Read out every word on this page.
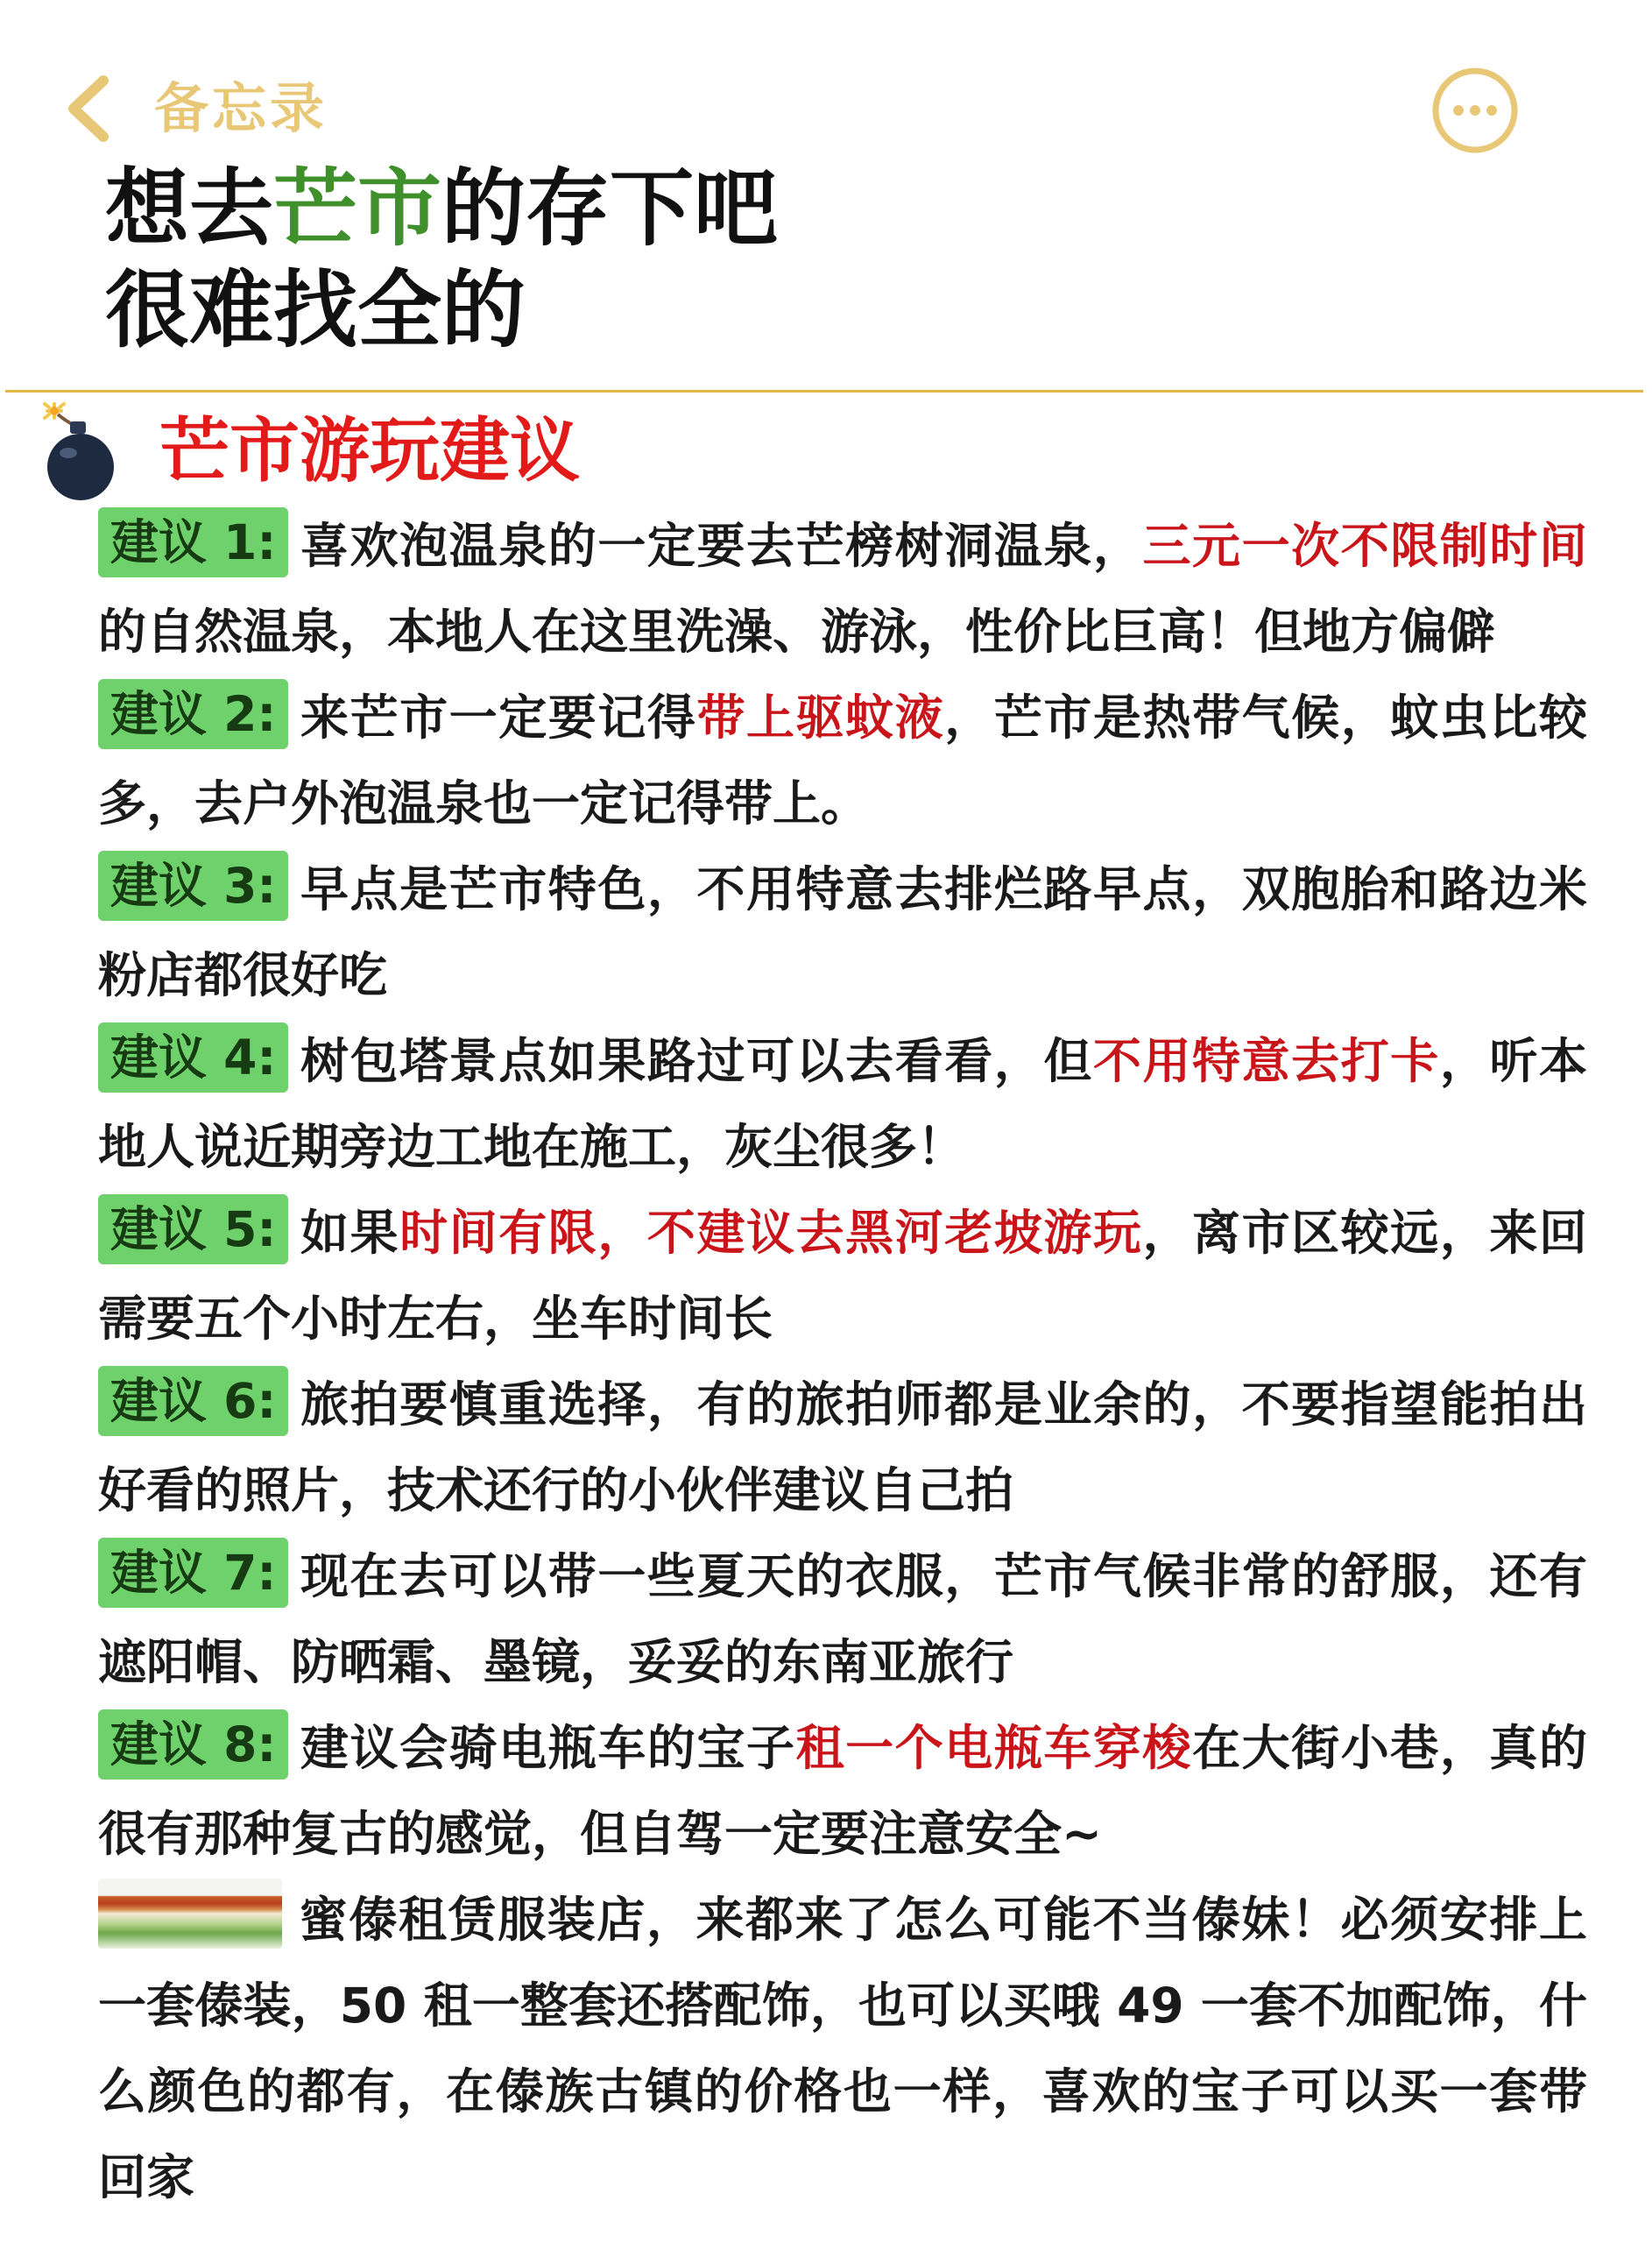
备忘录
想去芒市的存下吧
很难找全的
芒市游玩建议
建议 1: 喜欢泡温泉的一定要去芒榜树洞温泉，三元一次不限制时间的自然温泉，本地人在这里洗澡、游泳，性价比巨高！但地方偏僻
建议 2: 来芒市一定要记得带上驱蚊液，芒市是热带气候，蚊虫比较多，去户外泡温泉也一定记得带上。
建议 3: 早点是芒市特色，不用特意去排烂路早点，双胞胎和路边米粉店都很好吃
建议 4: 树包塔景点如果路过可以去看看，但不用特意去打卡，听本地人说近期旁边工地在施工，灰尘很多！
建议 5: 如果时间有限，不建议去黑河老坡游玩，离市区较远，来回需要五个小时左右，坐车时间长
建议 6: 旅拍要慎重选择，有的旅拍师都是业余的，不要指望能拍出好看的照片，技术还行的小伙伴建议自己拍
建议 7: 现在去可以带一些夏天的衣服，芒市气候非常的舒服，还有遮阳帽、防晒霜、墨镜，妥妥的东南亚旅行
建议 8: 建议会骑电瓶车的宝子租一个电瓶车穿梭在大街小巷，真的很有那种复古的感觉，但自驾一定要注意安全~
蜜傣租赁服装店，来都来了怎么可能不当傣妹！必须安排上一套傣装，50 租一整套还搭配饰，也可以买哦 49 一套不加配饰，什么颜色的都有，在傣族古镇的价格也一样，喜欢的宝子可以买一套带回家
